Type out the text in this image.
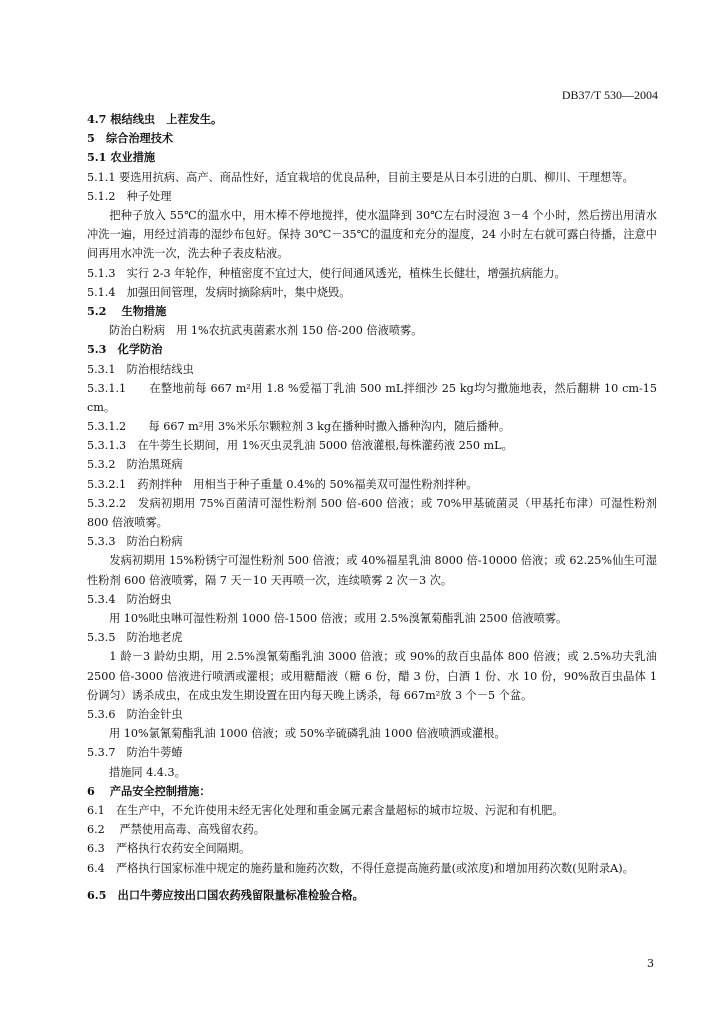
DB37/T 530—2004
4.7 根结线虫　上茬发生。
5　综合治理技术
5.1 农业措施
5.1.1 要选用抗病、高产、商品性好，适宜栽培的优良品种，目前主要是从日本引进的白肌、柳川、干理想等。
5.1.2　种子处理
把种子放入 55℃的温水中，用木棒不停地搅拌，使水温降到 30℃左右时浸泡 3－4 个小时，然后捞出用清水冲洗一遍，用经过消毒的湿纱布包好。保持 30℃－35℃的温度和充分的湿度，24 小时左右就可露白待播，注意中间再用水冲洗一次，洗去种子表皮粘液。
5.1.3　实行 2-3 年轮作，种植密度不宜过大，使行间通风透光，植株生长健壮，增强抗病能力。
5.1.4　加强田间管理，发病时摘除病叶，集中烧毁。
5.2　 生物措施
防治白粉病　用 1%农抗武夷菌素水剂 150 倍-200 倍液喷雾。
5.3　化学防治
5.3.1　防治根结线虫
5.3.1.1　　在整地前每 667 m²用 1.8 %爱福丁乳油 500 mL拌细沙 25 kg均匀撒施地表，然后翻耕 10 cm-15 cm。
5.3.1.2　　每 667 m²用 3%米乐尔颗粒剂 3 kg在播种时撒入播种沟内，随后播种。
5.3.1.3　在牛蒡生长期间，用 1%灭虫灵乳油 5000 倍液灌根,每株灌药液 250 mL。
5.3.2　防治黑斑病
5.3.2.1　药剂拌种　用相当于种子重量 0.4%的 50%福美双可湿性粉剂拌种。
5.3.2.2　发病初期用 75%百菌清可湿性粉剂 500 倍-600 倍液；或 70%甲基硫菌灵（甲基托布津）可湿性粉剂 800 倍液喷雾。
5.3.3　防治白粉病
发病初期用 15%粉锈宁可湿性粉剂 500 倍液；或 40%福星乳油 8000 倍-10000 倍液；或 62.25%仙生可湿性粉剂 600 倍液喷雾，隔 7 天－10 天再喷一次，连续喷雾 2 次－3 次。
5.3.4　防治蚜虫
用 10%吡虫啉可湿性粉剂 1000 倍-1500 倍液；或用 2.5%溴氰菊酯乳油 2500 倍液喷雾。
5.3.5　防治地老虎
1 龄－3 龄幼虫期，用 2.5%溴氰菊酯乳油 3000 倍液；或 90%的敌百虫晶体 800 倍液；或 2.5%功夫乳油 2500 倍-3000 倍液进行喷洒或灌根；或用糖醋液（糖 6 份，醋 3 份，白酒 1 份、水 10 份，90%敌百虫晶体 1 份调匀）诱杀成虫，在成虫发生期设置在田内每天晚上诱杀，每 667m²放 3 个－5 个盆。
5.3.6　防治金针虫
用 10%氯氰菊酯乳油 1000 倍液；或 50%辛硫磷乳油 1000 倍液喷洒或灌根。
5.3.7　防治牛蒡蝽
措施同 4.4.3。
6　 产品安全控制措施：
6.1　在生产中，不允许使用未经无害化处理和重金属元素含量超标的城市垃圾、污泥和有机肥。
6.2　 严禁使用高毒、高残留农药。
6.3　严格执行农药安全间隔期。
6.4　严格执行国家标准中规定的施药量和施药次数，不得任意提高施药量(或浓度)和增加用药次数(见附录A)。
6.5　出口牛蒡应按出口国农药残留限量标准检验合格。
3
